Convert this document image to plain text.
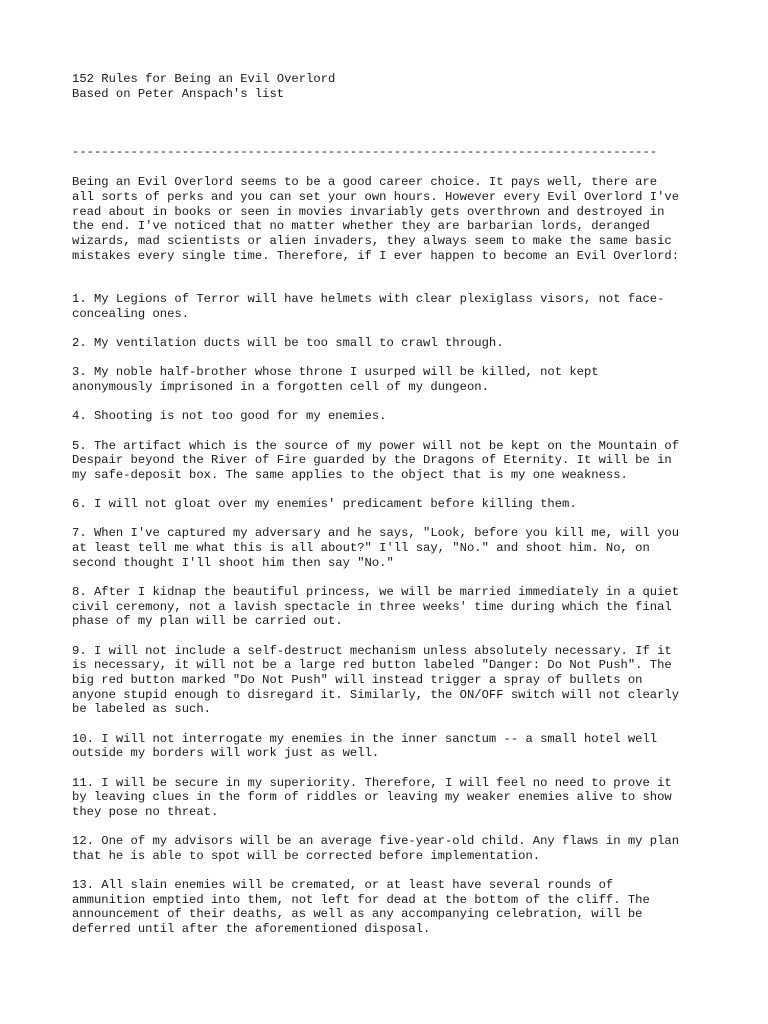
152 Rules for Being an Evil Overlord
Based on Peter Anspach's list
--------------------------------------------------------------------------------

Being an Evil Overlord seems to be a good career choice. It pays well, there are
all sorts of perks and you can set your own hours. However every Evil Overlord I've
read about in books or seen in movies invariably gets overthrown and destroyed in
the end. I've noticed that no matter whether they are barbarian lords, deranged
wizards, mad scientists or alien invaders, they always seem to make the same basic
mistakes every single time. Therefore, if I ever happen to become an Evil Overlord:

1. My Legions of Terror will have helmets with clear plexiglass visors, not face-
concealing ones.
2. My ventilation ducts will be too small to crawl through.
3. My noble half-brother whose throne I usurped will be killed, not kept
anonymously imprisoned in a forgotten cell of my dungeon.
4. Shooting is not too good for my enemies.
5. The artifact which is the source of my power will not be kept on the Mountain of
Despair beyond the River of Fire guarded by the Dragons of Eternity. It will be in
my safe-deposit box. The same applies to the object that is my one weakness.
6. I will not gloat over my enemies' predicament before killing them.
7. When I've captured my adversary and he says, "Look, before you kill me, will you
at least tell me what this is all about?" I'll say, "No." and shoot him. No, on
second thought I'll shoot him then say "No."
8. After I kidnap the beautiful princess, we will be married immediately in a quiet
civil ceremony, not a lavish spectacle in three weeks' time during which the final
phase of my plan will be carried out.
9. I will not include a self-destruct mechanism unless absolutely necessary. If it
is necessary, it will not be a large red button labeled "Danger: Do Not Push". The
big red button marked "Do Not Push" will instead trigger a spray of bullets on
anyone stupid enough to disregard it. Similarly, the ON/OFF switch will not clearly
be labeled as such.
10. I will not interrogate my enemies in the inner sanctum -- a small hotel well
outside my borders will work just as well.
11. I will be secure in my superiority. Therefore, I will feel no need to prove it
by leaving clues in the form of riddles or leaving my weaker enemies alive to show
they pose no threat.
12. One of my advisors will be an average five-year-old child. Any flaws in my plan
that he is able to spot will be corrected before implementation.
13. All slain enemies will be cremated, or at least have several rounds of
ammunition emptied into them, not left for dead at the bottom of the cliff. The
announcement of their deaths, as well as any accompanying celebration, will be
deferred until after the aforementioned disposal.
